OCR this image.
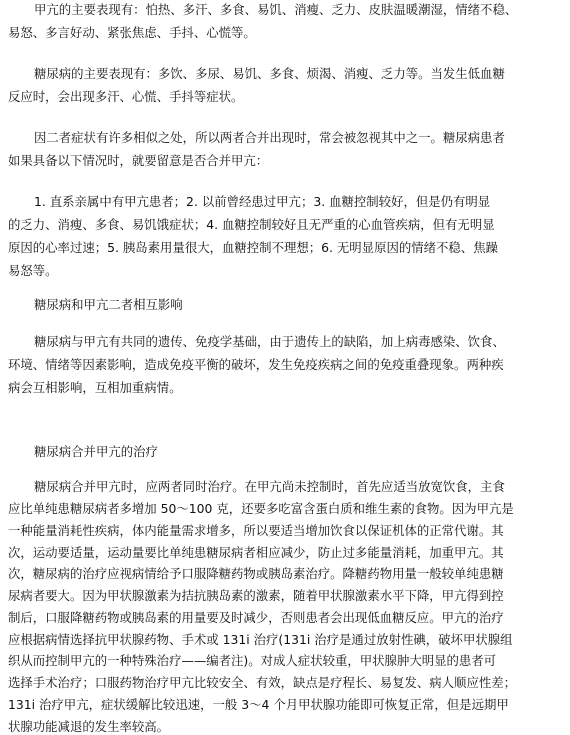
甲亢的主要表现有：怕热、多汗、多食、易饥、消瘦、乏力、皮肤温暖潮湿，情绪不稳、
易怒、多言好动、紧张焦虑、手抖、心慌等。
糖尿病的主要表现有：多饮、多尿、易饥、多食、烦渴、消瘦、乏力等。当发生低血糖
反应时，会出现多汗、心慌、手抖等症状。
因二者症状有许多相似之处，所以两者合并出现时，常会被忽视其中之一。糖尿病患者
如果具备以下情况时，就要留意是否合并甲亢：
1. 直系亲属中有甲亢患者；2. 以前曾经患过甲亢；3. 血糖控制较好，但是仍有明显
的乏力、消瘦、多食、易饥饿症状；4. 血糖控制较好且无严重的心血管疾病，但有无明显
原因的心率过速；5. 胰岛素用量很大，血糖控制不理想；6. 无明显原因的情绪不稳、焦躁
易怒等。
糖尿病和甲亢二者相互影响
糖尿病与甲亢有共同的遗传、免疫学基础，由于遗传上的缺陷，加上病毒感染、饮食、
环境、情绪等因素影响，造成免疫平衡的破坏，发生免疫疾病之间的免疫重叠现象。两种疾
病会互相影响，互相加重病情。
糖尿病合并甲亢的治疗
糖尿病合并甲亢时，应两者同时治疗。在甲亢尚未控制时，首先应适当放宽饮食，主食
应比单纯患糖尿病者多增加 50～100 克，还要多吃富含蛋白质和维生素的食物。因为甲亢是
一种能量消耗性疾病，体内能量需求增多，所以要适当增加饮食以保证机体的正常代谢。其
次，运动要适量，运动量要比单纯患糖尿病者相应减少，防止过多能量消耗，加重甲亢。其
次，糖尿病的治疗应视病情给予口服降糖药物或胰岛素治疗。降糖药物用量一般较单纯患糖
尿病者要大。因为甲状腺激素为拮抗胰岛素的激素，随着甲状腺激素水平下降，甲亢得到控
制后，口服降糖药物或胰岛素的用量要及时减少，否则患者会出现低血糖反应。甲亢的治疗
应根据病情选择抗甲状腺药物、手术或 131i 治疗(131i 治疗是通过放射性碘，破坏甲状腺组
织从而控制甲亢的一种特殊治疗——编者注)。对成人症状较重，甲状腺肿大明显的患者可
选择手术治疗；口服药物治疗甲亢比较安全、有效，缺点是疗程长、易复发、病人顺应性差；
131i 治疗甲亢，症状缓解比较迅速，一般 3～4 个月甲状腺功能即可恢复正常，但是远期甲
状腺功能减退的发生率较高。
